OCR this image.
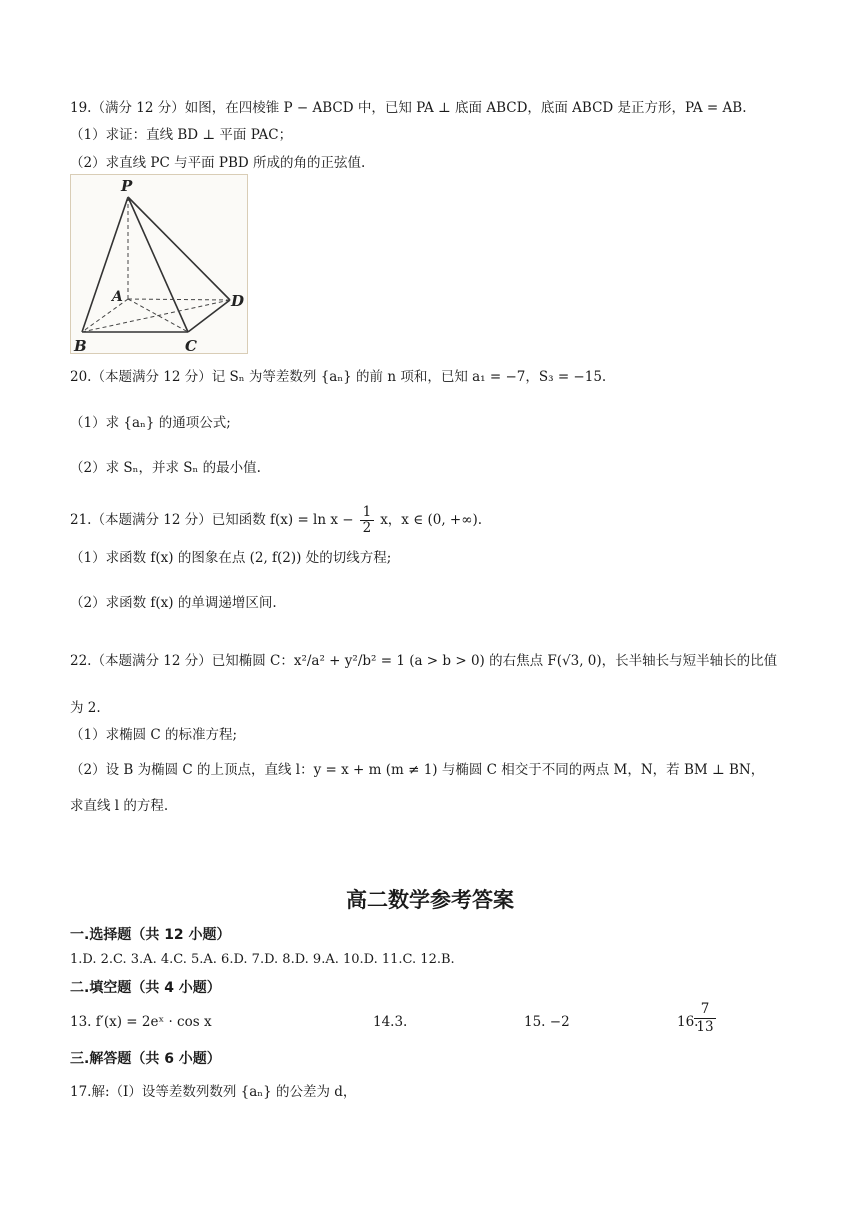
19.（满分 12 分）如图，在四棱锥 P − ABCD 中，已知 PA ⊥ 底面 ABCD，底面 ABCD 是正方形，PA = AB.
（1）求证：直线 BD ⊥ 平面 PAC；
（2）求直线 PC 与平面 PBD 所成的角的正弦值.
P
A
B	C
D
20.（本题满分 12 分）记 Sₙ 为等差数列 {aₙ} 的前 n 项和，已知 a₁ = −7，S₃ = −15.
（1）求 {aₙ} 的通项公式;
（2）求 Sₙ，并求 Sₙ 的最小值.
21.（本题满分 12 分）已知函数 $f(x) = \ln x - \frac{1}{2}$ x，x ∈ (0, +∞).
（1）求函数 f(x) 的图象在点 (2, f(2)) 处的切线方程;
（2）求函数 f(x) 的单调递增区间.
22.（本题满分 12 分）已知椭圆 C：x²/a² + y²/b² = 1 (a > b > 0) 的右焦点 F(√3, 0)，长半轴长与短半轴长的比值
为 2.
（1）求椭圆 C 的标准方程;
（2）设 B 为椭圆 C 的上顶点，直线 l：y = x + m (m ≠ 1) 与椭圆 C 相交于不同的两点 M，N，若 BM ⊥ BN，
求直线 l 的方程.
高二数学参考答案
一.选择题（共 12 小题）
1.D. 2.C. 3.A. 4.C. 5.A. 6.D. 7.D. 8.D. 9.A. 10.D. 11.C. 12.B.
二.填空题（共 4 小题）
13. f′(x) = 2eˣ · cos x	14.3.	15. −2	16.
$\frac{7}{13}$
三.解答题（共 6 小题）
17.解:（Ⅰ）设等差数列数列 {aₙ} 的公差为 d，
